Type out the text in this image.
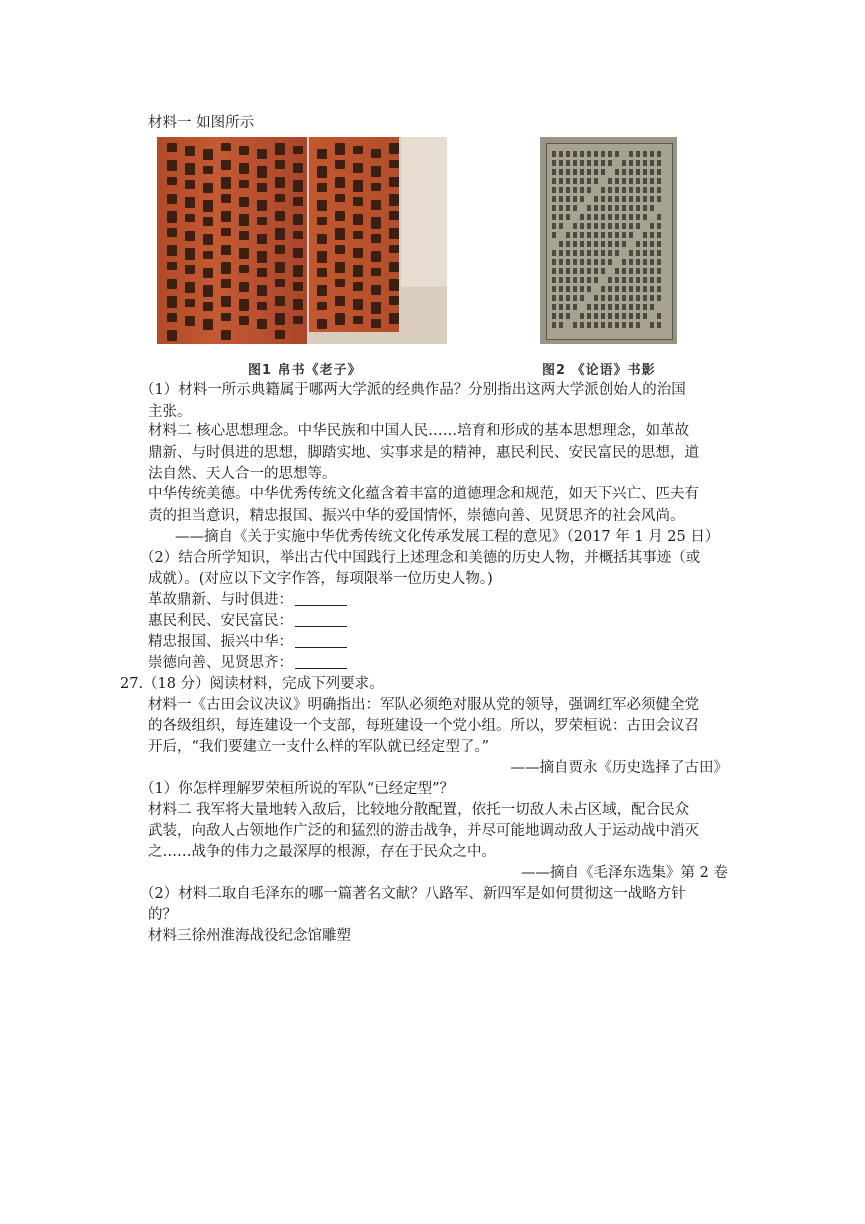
材料一 如图所示
图1 帛书《老子》	图2 《论语》书影
（1）材料一所示典籍属于哪两大学派的经典作品？分别指出这两大学派创始人的治国
主张。
材料二 核心思想理念。中华民族和中国人民……培育和形成的基本思想理念，如革故
鼎新、与时俱进的思想，脚踏实地、实事求是的精神，惠民利民、安民富民的思想，道
法自然、天人合一的思想等。
中华传统美德。中华优秀传统文化蕴含着丰富的道德理念和规范，如天下兴亡、匹夫有
责的担当意识，精忠报国、振兴中华的爱国情怀，崇德向善、见贤思齐的社会风尚。
——摘自《关于实施中华优秀传统文化传承发展工程的意见》（2017 年 1 月 25 日）
（2）结合所学知识，举出古代中国践行上述理念和美德的历史人物，并概括其事迹（或
成就）。(对应以下文字作答，每项限举一位历史人物。)
革故鼎新、与时俱进：
惠民利民、安民富民：
精忠报国、振兴中华：
崇德向善、见贤思齐：
27.（18 分）阅读材料，完成下列要求。
材料一《古田会议决议》明确指出：军队必须绝对服从党的领导，强调红军必须健全党
的各级组织，每连建设一个支部，每班建设一个党小组。所以，罗荣桓说：古田会议召
开后，“我们要建立一支什么样的军队就已经定型了。”
——摘自贾永《历史选择了古田》
（1）你怎样理解罗荣桓所说的军队“已经定型”？
材料二 我军将大量地转入敌后，比较地分散配置，依托一切敌人未占区域，配合民众
武装，向敌人占领地作广泛的和猛烈的游击战争，并尽可能地调动敌人于运动战中消灭
之……战争的伟力之最深厚的根源，存在于民众之中。
——摘自《毛泽东选集》第 2 卷
（2）材料二取自毛泽东的哪一篇著名文献？八路军、新四军是如何贯彻这一战略方针
的？
材料三徐州淮海战役纪念馆雕塑
